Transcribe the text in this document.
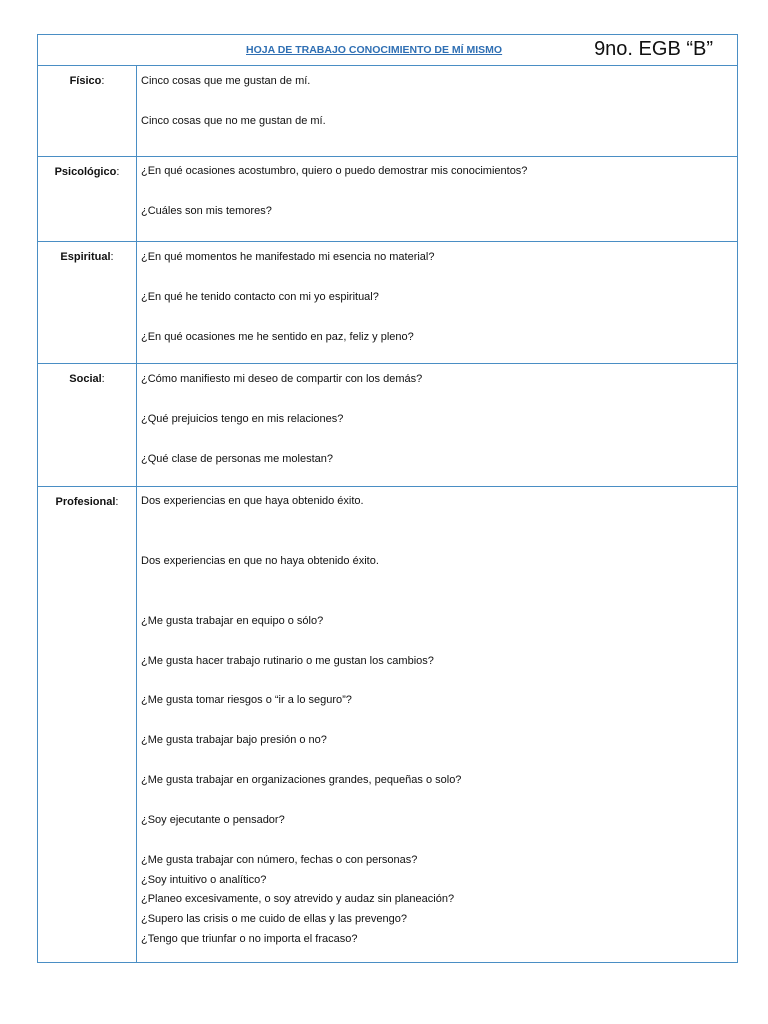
HOJA DE TRABAJO CONOCIMIENTO DE MÍ MISMO	9no. EGB “B”
Físico:	Cinco cosas que me gustan de mí.
Cinco cosas que no me gustan de mí.
Psicológico:	¿En qué ocasiones acostumbro, quiero o puedo demostrar mis conocimientos?
¿Cuáles son mis temores?
Espiritual:	¿En qué momentos he manifestado mi esencia no material?
¿En qué he tenido contacto con mi yo espiritual?
¿En qué ocasiones me he sentido en paz, feliz y pleno?
Social:	¿Cómo manifiesto mi deseo de compartir con los demás?
¿Qué prejuicios tengo en mis relaciones?
¿Qué clase de personas me molestan?
Profesional:	Dos experiencias en que haya obtenido éxito.
Dos experiencias en que no haya obtenido éxito.
¿Me gusta trabajar en equipo o sólo?
¿Me gusta hacer trabajo rutinario o me gustan los cambios?
¿Me gusta tomar riesgos o “ir a lo seguro”?
¿Me gusta trabajar bajo presión o no?
¿Me gusta trabajar en organizaciones grandes, pequeñas o solo?
¿Soy ejecutante o pensador?
¿Me gusta trabajar con número, fechas o con personas?
¿Soy intuitivo o analítico?
¿Planeo excesivamente, o soy atrevido y audaz sin planeación?
¿Supero las crisis o me cuido de ellas y las prevengo?
¿Tengo que triunfar o no importa el fracaso?
